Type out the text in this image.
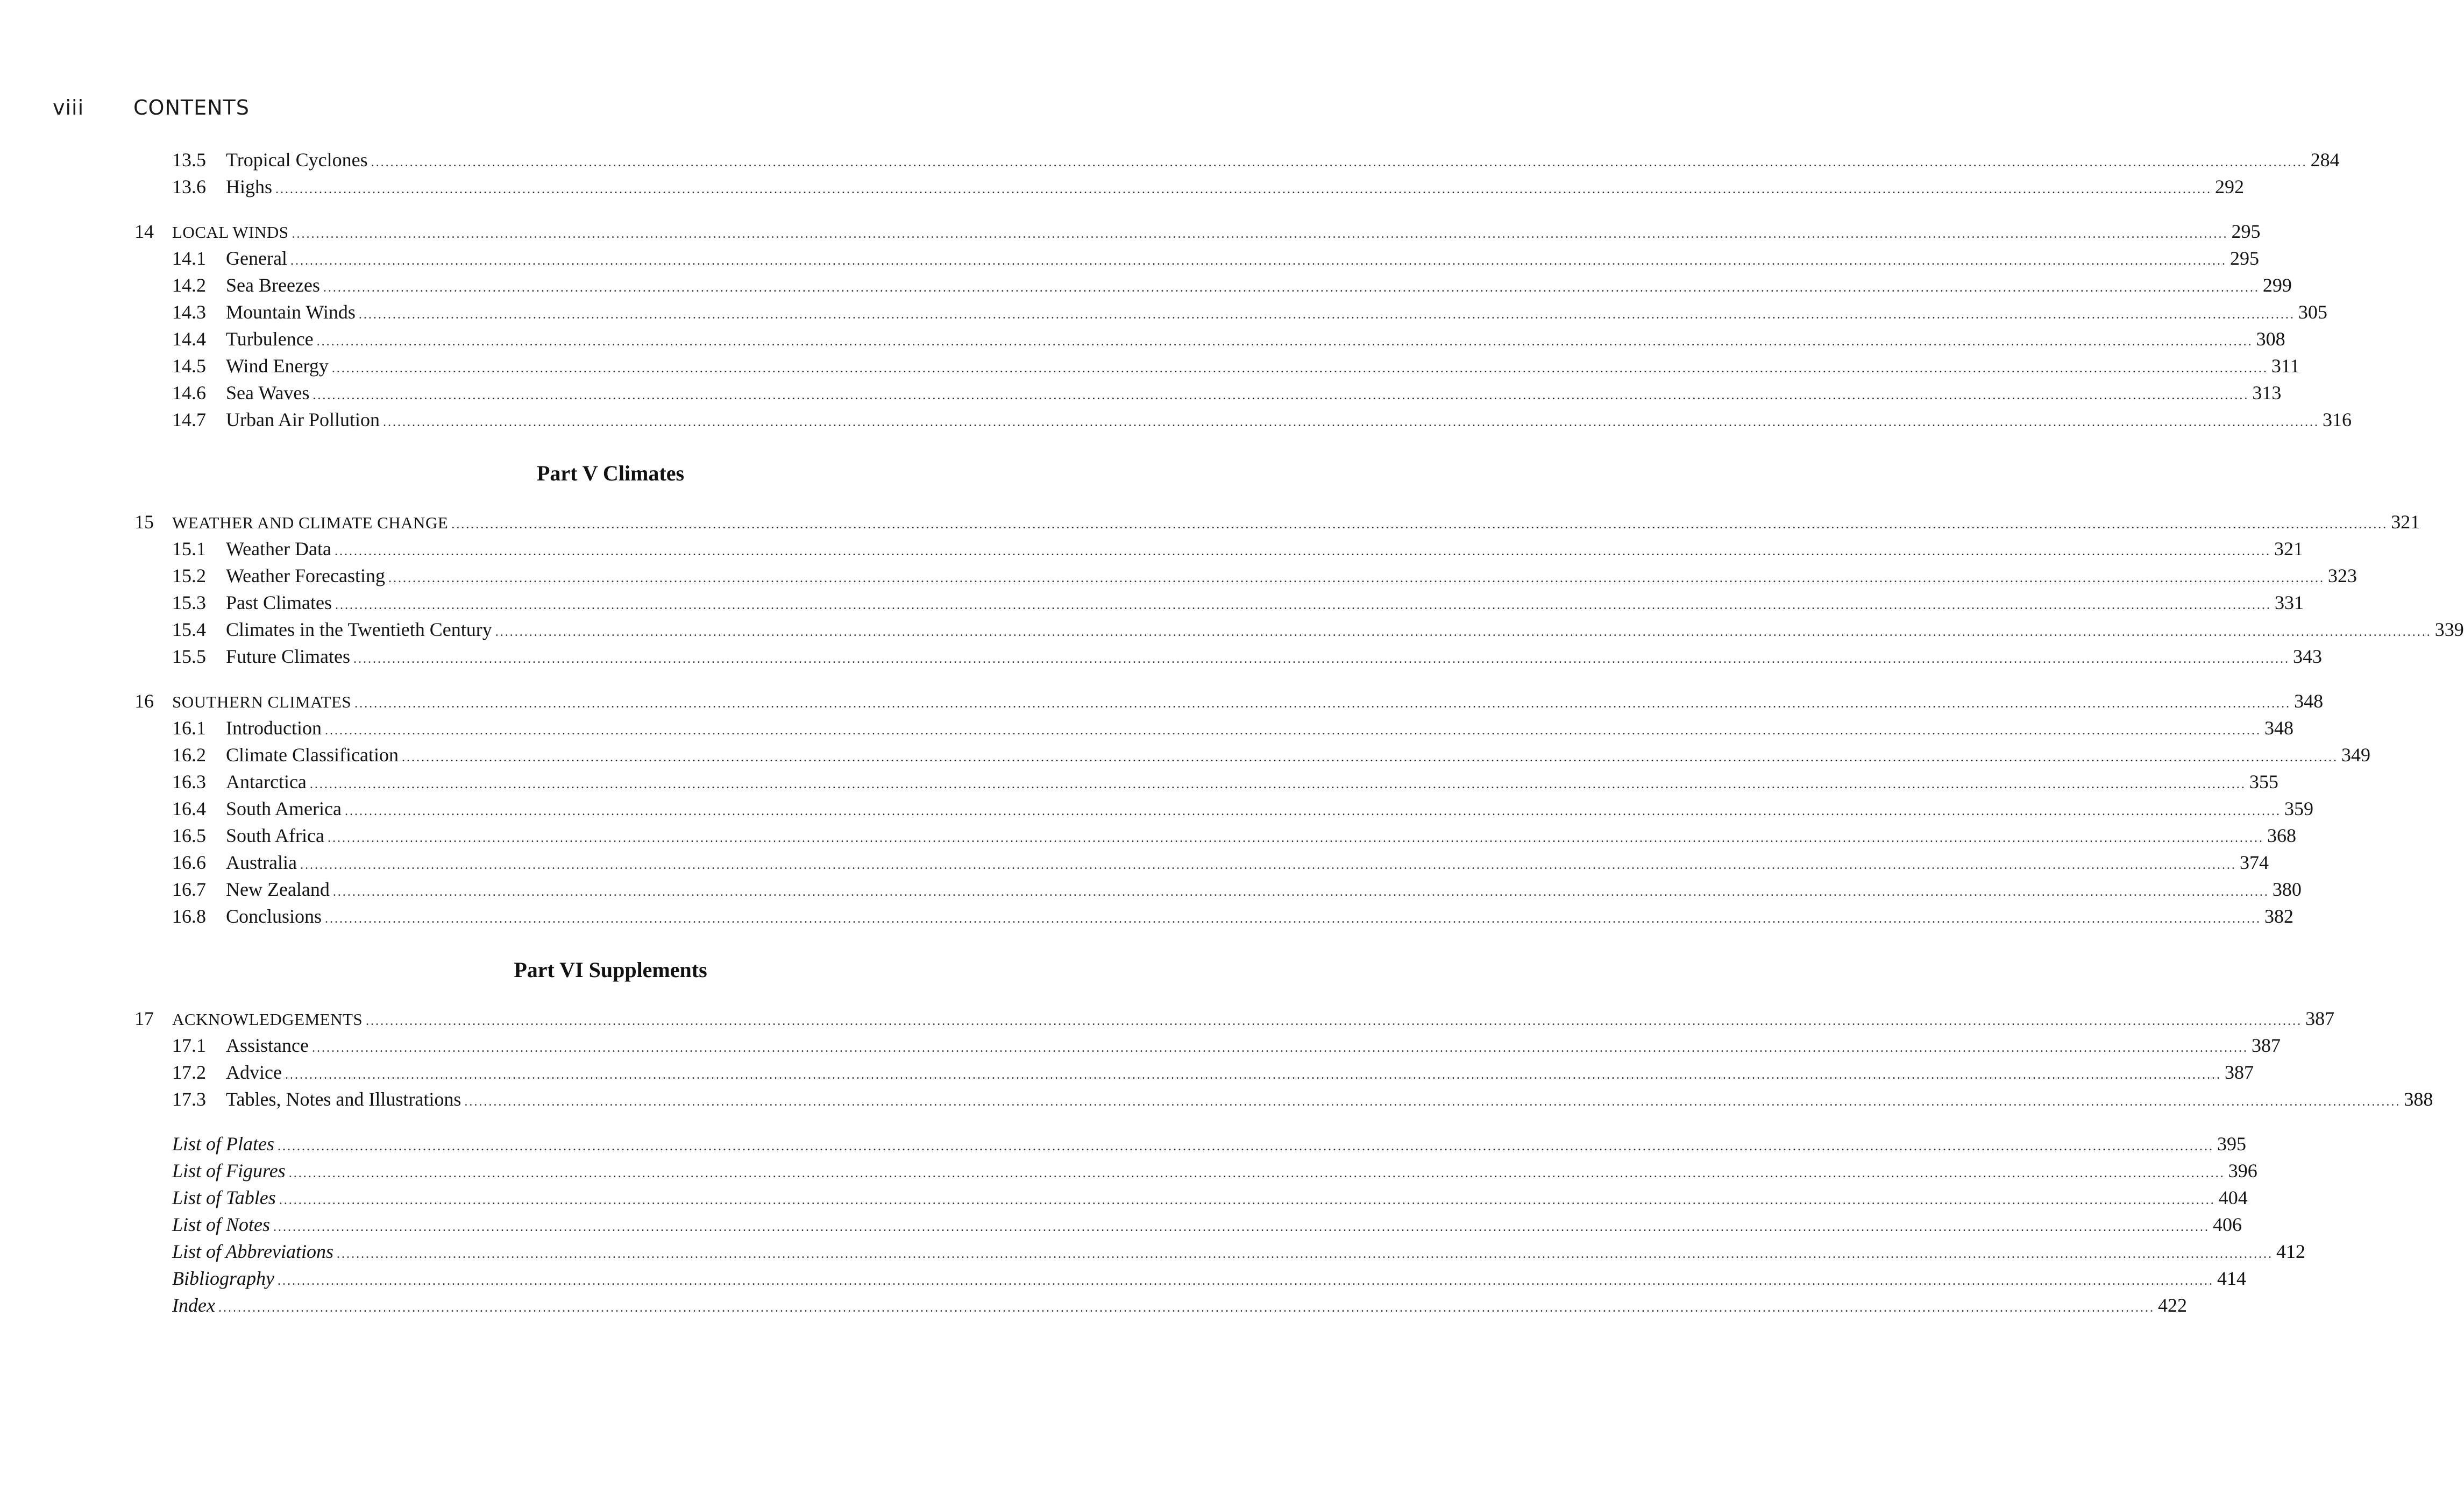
viii CONTENTS
13.5 Tropical Cyclones ................................................................................................................................................................................................................................................................................................................................................................................................................ 284
13.6 Highs ................................................................................................................................................................................................................................................................................................................................................................................................................ 292
14 LOCAL WINDS ................................................................................................................................................................................................................................................................................................................................................................................................................ 295
14.1 General ................................................................................................................................................................................................................................................................................................................................................................................................................ 295
14.2 Sea Breezes ................................................................................................................................................................................................................................................................................................................................................................................................................ 299
14.3 Mountain Winds ................................................................................................................................................................................................................................................................................................................................................................................................................ 305
14.4 Turbulence ................................................................................................................................................................................................................................................................................................................................................................................................................ 308
14.5 Wind Energy ................................................................................................................................................................................................................................................................................................................................................................................................................ 311
14.6 Sea Waves ................................................................................................................................................................................................................................................................................................................................................................................................................ 313
14.7 Urban Air Pollution ................................................................................................................................................................................................................................................................................................................................................................................................................ 316
Part V Climates
15 WEATHER AND CLIMATE CHANGE ................................................................................................................................................................................................................................................................................................................................................................................................................ 321
15.1 Weather Data ................................................................................................................................................................................................................................................................................................................................................................................................................ 321
15.2 Weather Forecasting ................................................................................................................................................................................................................................................................................................................................................................................................................ 323
15.3 Past Climates ................................................................................................................................................................................................................................................................................................................................................................................................................ 331
15.4 Climates in the Twentieth Century ................................................................................................................................................................................................................................................................................................................................................................................................................ 339
15.5 Future Climates ................................................................................................................................................................................................................................................................................................................................................................................................................ 343
16 SOUTHERN CLIMATES ................................................................................................................................................................................................................................................................................................................................................................................................................ 348
16.1 Introduction ................................................................................................................................................................................................................................................................................................................................................................................................................ 348
16.2 Climate Classification ................................................................................................................................................................................................................................................................................................................................................................................................................ 349
16.3 Antarctica ................................................................................................................................................................................................................................................................................................................................................................................................................ 355
16.4 South America ................................................................................................................................................................................................................................................................................................................................................................................................................ 359
16.5 South Africa ................................................................................................................................................................................................................................................................................................................................................................................................................ 368
16.6 Australia ................................................................................................................................................................................................................................................................................................................................................................................................................ 374
16.7 New Zealand ................................................................................................................................................................................................................................................................................................................................................................................................................ 380
16.8 Conclusions ................................................................................................................................................................................................................................................................................................................................................................................................................ 382
Part VI Supplements
17 ACKNOWLEDGEMENTS ................................................................................................................................................................................................................................................................................................................................................................................................................ 387
17.1 Assistance ................................................................................................................................................................................................................................................................................................................................................................................................................ 387
17.2 Advice ................................................................................................................................................................................................................................................................................................................................................................................................................ 387
17.3 Tables, Notes and Illustrations ................................................................................................................................................................................................................................................................................................................................................................................................................ 388
List of Plates ................................................................................................................................................................................................................................................................................................................................................................................................................ 395
List of Figures ................................................................................................................................................................................................................................................................................................................................................................................................................ 396
List of Tables ................................................................................................................................................................................................................................................................................................................................................................................................................ 404
List of Notes ................................................................................................................................................................................................................................................................................................................................................................................................................ 406
List of Abbreviations ................................................................................................................................................................................................................................................................................................................................................................................................................ 412
Bibliography ................................................................................................................................................................................................................................................................................................................................................................................................................ 414
Index ................................................................................................................................................................................................................................................................................................................................................................................................................ 422
